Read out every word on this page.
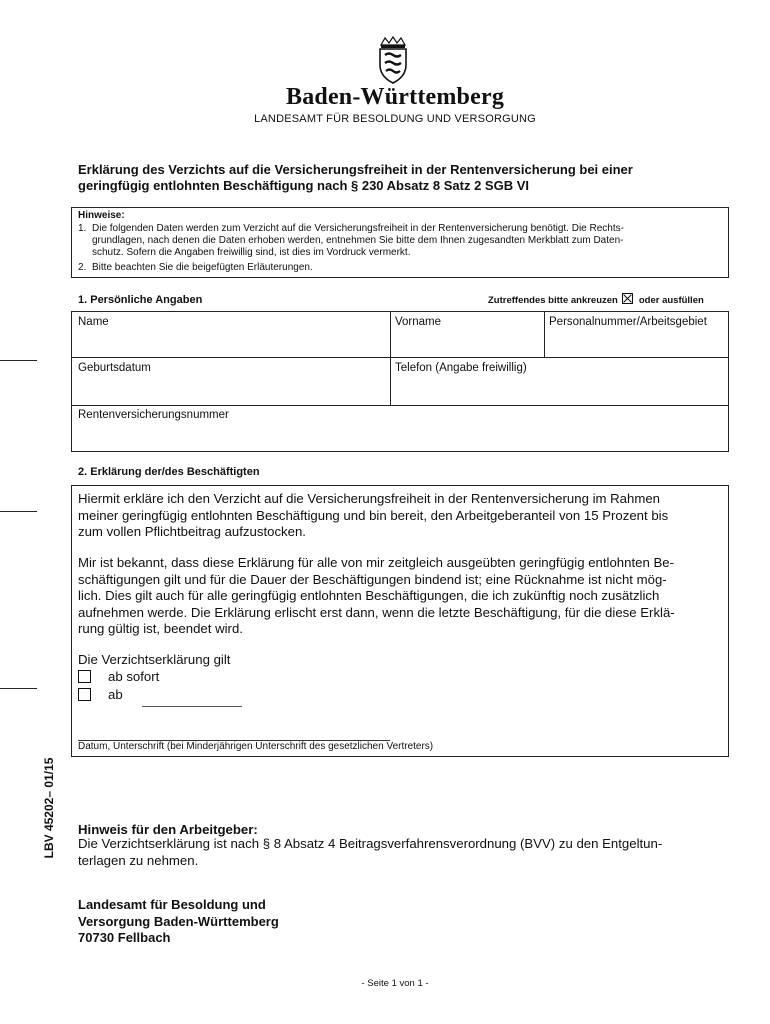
Baden-Württemberg
LANDESAMT FÜR BESOLDUNG UND VERSORGUNG
Erklärung des Verzichts auf die Versicherungsfreiheit in der Rentenversicherung bei einer
geringfügig entlohnten Beschäftigung nach § 230 Absatz 8 Satz 2 SGB VI
Hinweise:
1. Die folgenden Daten werden zum Verzicht auf die Versicherungsfreiheit in der Rentenversicherung benötigt. Die Rechts-
grundlagen, nach denen die Daten erhoben werden, entnehmen Sie bitte dem Ihnen zugesandten Merkblatt zum Daten-
schutz. Sofern die Angaben freiwillig sind, ist dies im Vordruck vermerkt.
2. Bitte beachten Sie die beigefügten Erläuterungen.
1. Persönliche Angaben	Zutreffendes bitte ankreuzen oder ausfüllen
Name	Vorname	Personalnummer/Arbeitsgebiet
Geburtsdatum	Telefon (Angabe freiwillig)
Rentenversicherungsnummer
2. Erklärung der/des Beschäftigten
Hiermit erkläre ich den Verzicht auf die Versicherungsfreiheit in der Rentenversicherung im Rahmen
meiner geringfügig entlohnten Beschäftigung und bin bereit, den Arbeitgeberanteil von 15 Prozent bis
zum vollen Pflichtbeitrag aufzustocken.
Mir ist bekannt, dass diese Erklärung für alle von mir zeitgleich ausgeübten geringfügig entlohnten Be-
schäftigungen gilt und für die Dauer der Beschäftigungen bindend ist; eine Rücknahme ist nicht mög-
lich. Dies gilt auch für alle geringfügig entlohnten Beschäftigungen, die ich zukünftig noch zusätzlich
aufnehmen werde. Die Erklärung erlischt erst dann, wenn die letzte Beschäftigung, für die diese Erklä-
rung gültig ist, beendet wird.
Die Verzichtserklärung gilt
ab sofort
ab
Datum, Unterschrift (bei Minderjährigen Unterschrift des gesetzlichen Vertreters)
LBV 45202– 01/15 Hinweis für den Arbeitgeber:
Die Verzichtserklärung ist nach § 8 Absatz 4 Beitragsverfahrensverordnung (BVV) zu den Entgeltun-
terlagen zu nehmen.
Landesamt für Besoldung und
Versorgung Baden-Württemberg
70730 Fellbach
- Seite 1 von 1 -
